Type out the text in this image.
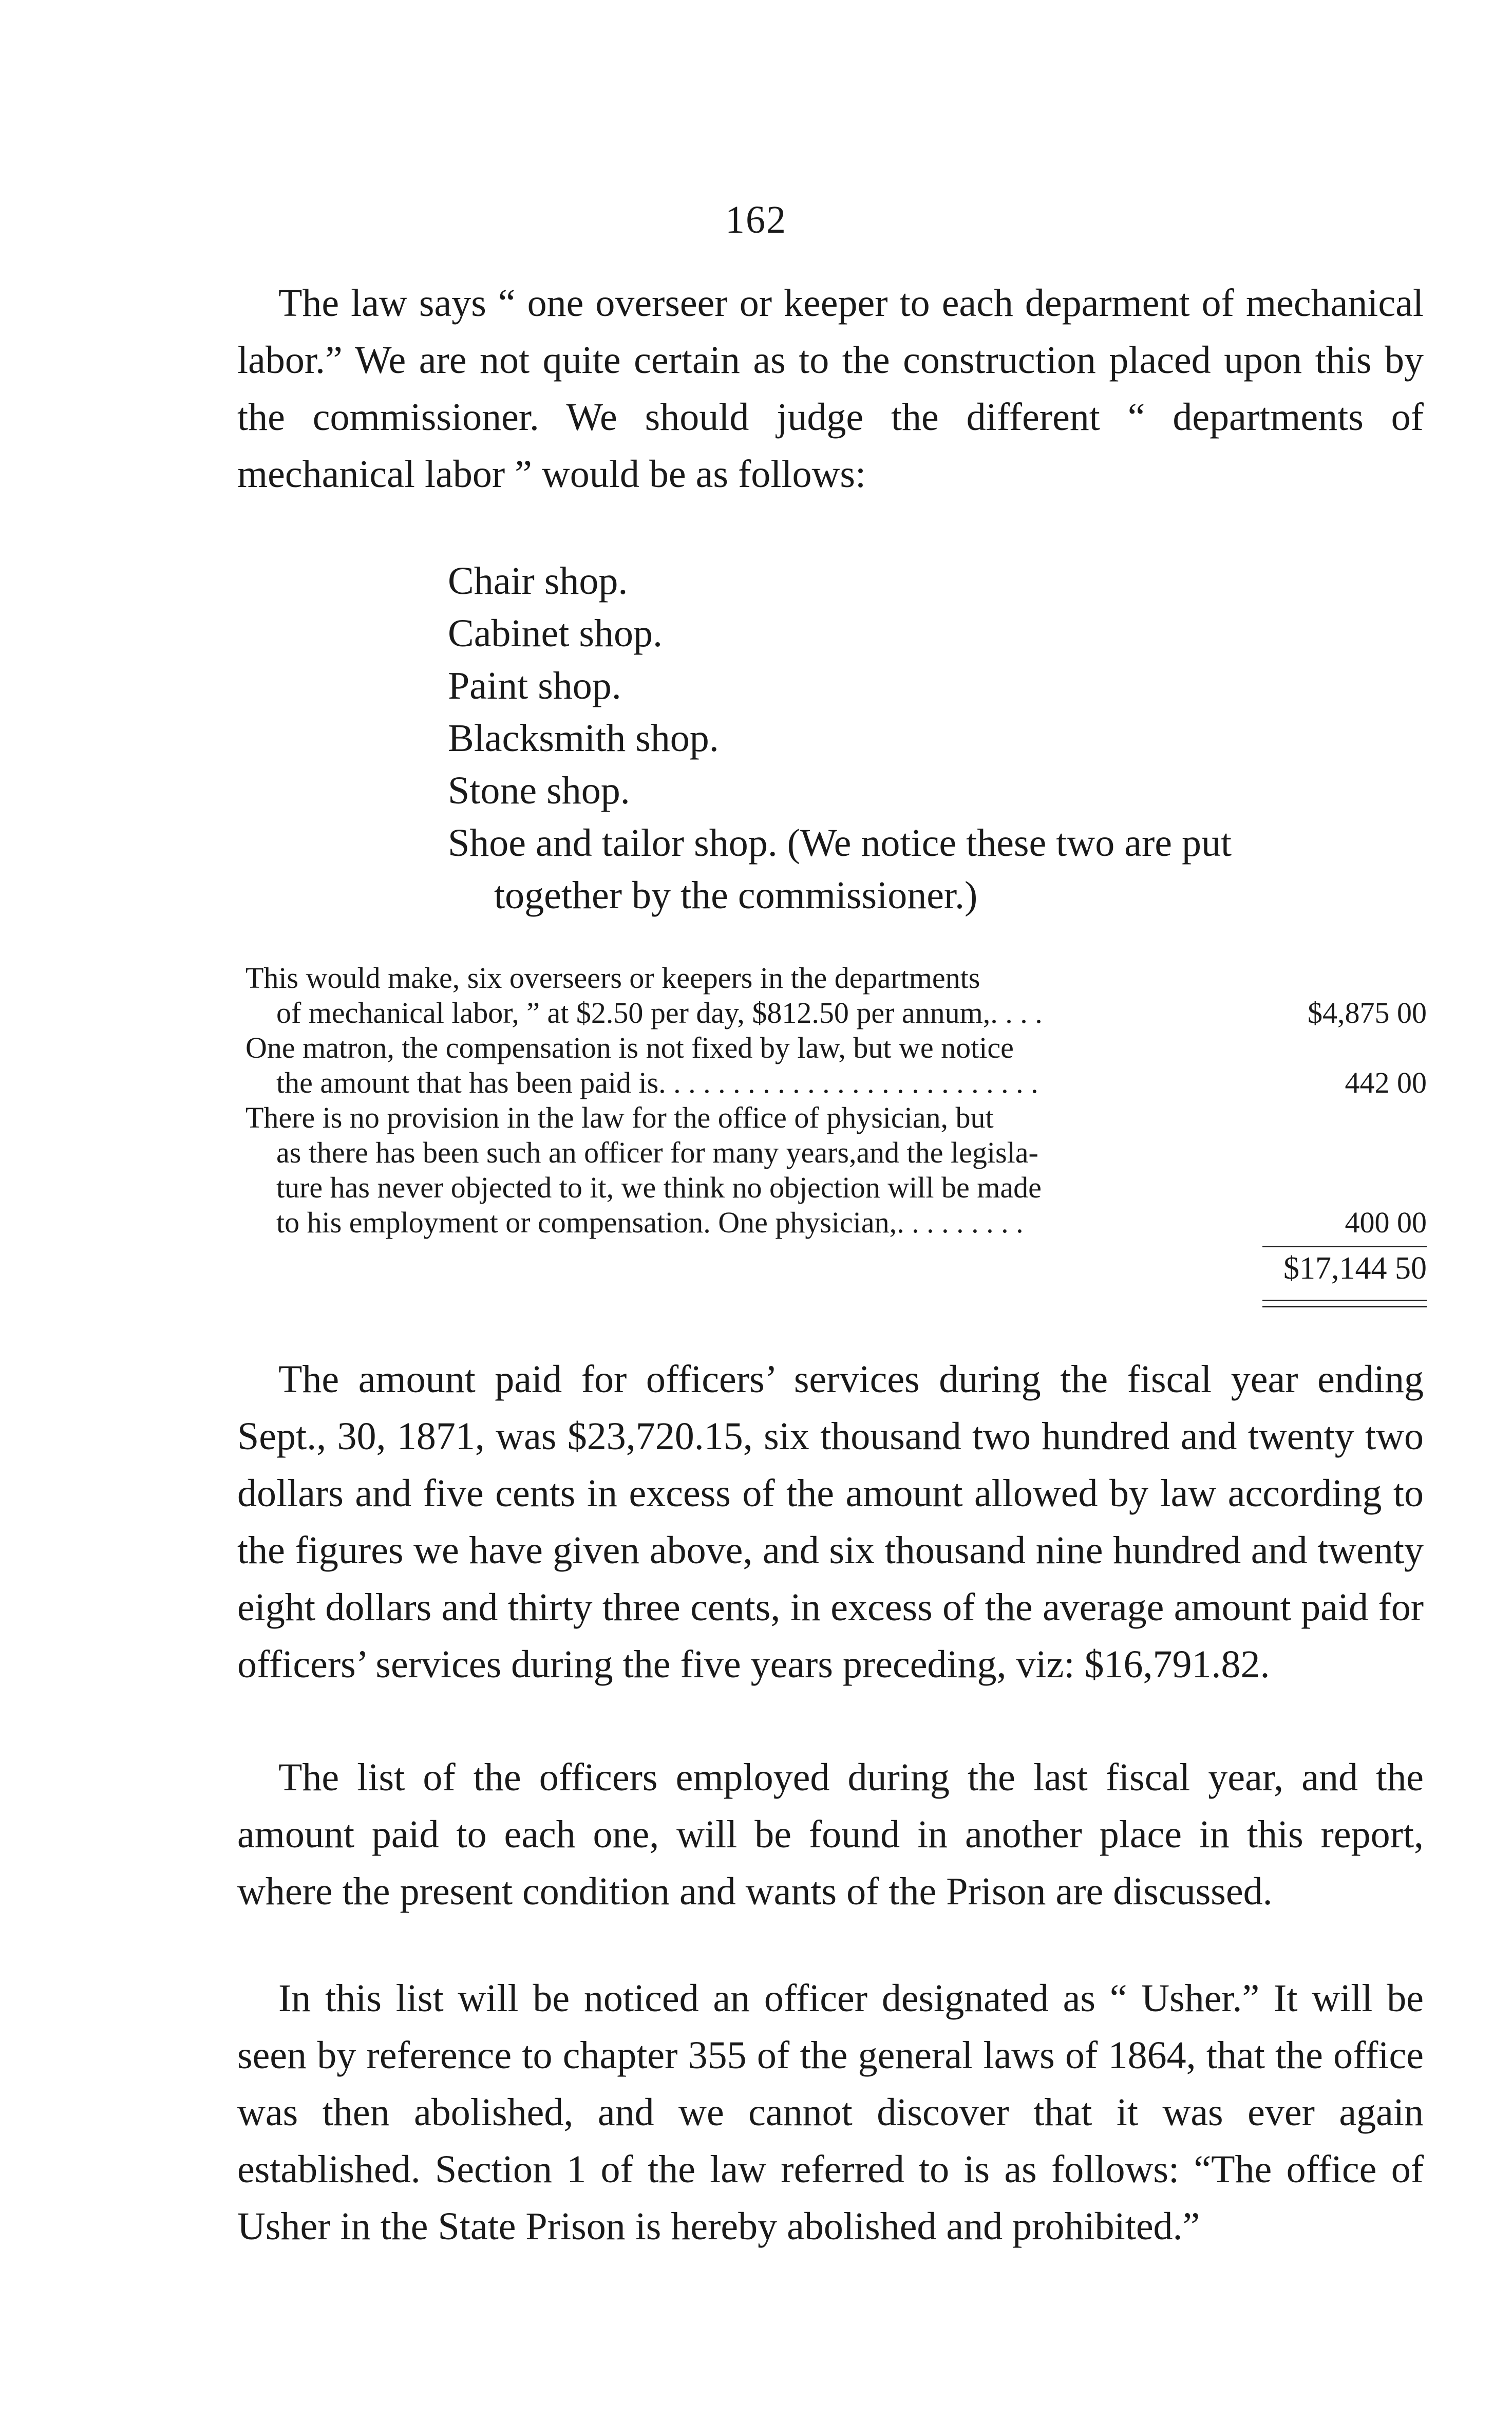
162

The law says “ one overseer or keeper to each deparment of mechanical labor.” We are not quite certain as to the construction placed upon this by the commissioner. We should judge the different “ departments of mechanical labor ” would be as follows:

Chair shop.
Cabinet shop.
Paint shop.
Blacksmith shop.
Stone shop.
Shoe and tailor shop. (We notice these two are put
together by the commissioner.)
This would make, six overseers or keepers in the departments
of mechanical labor, ” at $2.50 per day, $812.50 per annum,. . . .	$4,875 00
One matron, the compensation is not fixed by law, but we notice
the amount that has been paid is. . . . . . . . . . . . . . . . . . . . . . . . . .	442 00
There is no provision in the law for the office of physician, but
as there has been such an officer for many years,and the legisla-
ture has never objected to it, we think no objection will be made
to his employment or compensation. One physician,. . . . . . . . .	400 00
$17,144 50

The amount paid for officers’ services during the fiscal year ending Sept., 30, 1871, was $23,720.15, six thousand two hundred and twenty two dollars and five cents in excess of the amount allowed by law according to the figures we have given above, and six thousand nine hundred and twenty eight dollars and thirty three cents, in excess of the average amount paid for officers’ services during the five years preceding, viz: $16,791.82.

The list of the officers employed during the last fiscal year, and the amount paid to each one, will be found in another place in this report, where the present condition and wants of the Prison are discussed.

In this list will be noticed an officer designated as “ Usher.” It will be seen by reference to chapter 355 of the general laws of 1864, that the office was then abolished, and we cannot discover that it was ever again established. Section 1 of the law referred to is as follows: “The office of Usher in the State Prison is hereby abolished and prohibited.”
